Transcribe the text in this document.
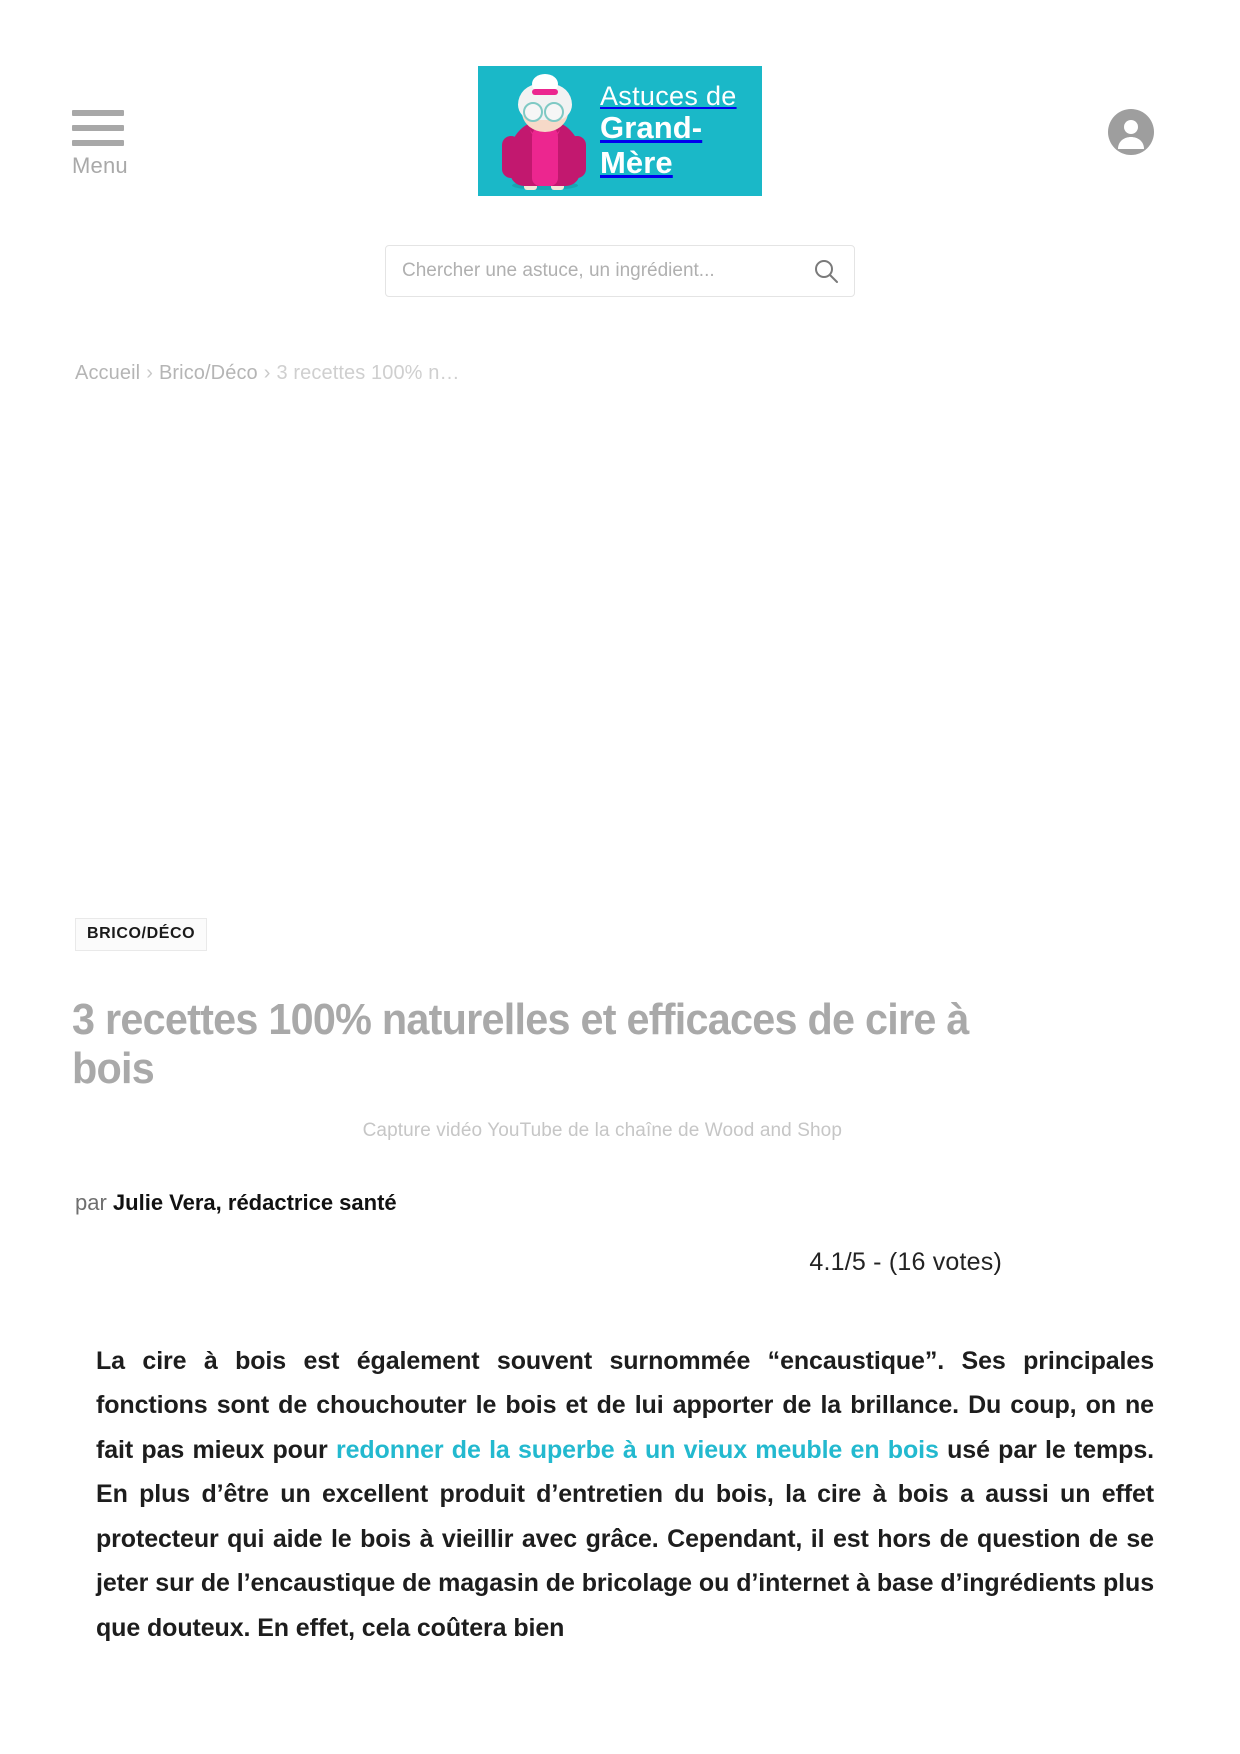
Menu
Astuces de
Grand-Mère
Chercher une astuce, un ingrédient...
Accueil › Brico/Déco › 3 recettes 100% n…
BRICO/DÉCO
3 recettes 100% naturelles et efficaces de cire à bois
Capture vidéo YouTube de la chaîne de Wood and Shop
par Julie Vera, rédactrice santé
4.1/5 - (16 votes)

La cire à bois est également souvent surnommée “encaustique”. Ses principales fonctions sont de chouchouter le bois et de lui apporter de la brillance. Du coup, on ne fait pas mieux pour redonner de la superbe à un vieux meuble en bois usé par le temps. En plus d’être un excellent produit d’entretien du bois, la cire à bois a aussi un effet protecteur qui aide le bois à vieillir avec grâce. Cependant, il est hors de question de se jeter sur de l’encaustique de magasin de bricolage ou d’internet à base d’ingrédients plus que douteux. En effet, cela coûtera bien
